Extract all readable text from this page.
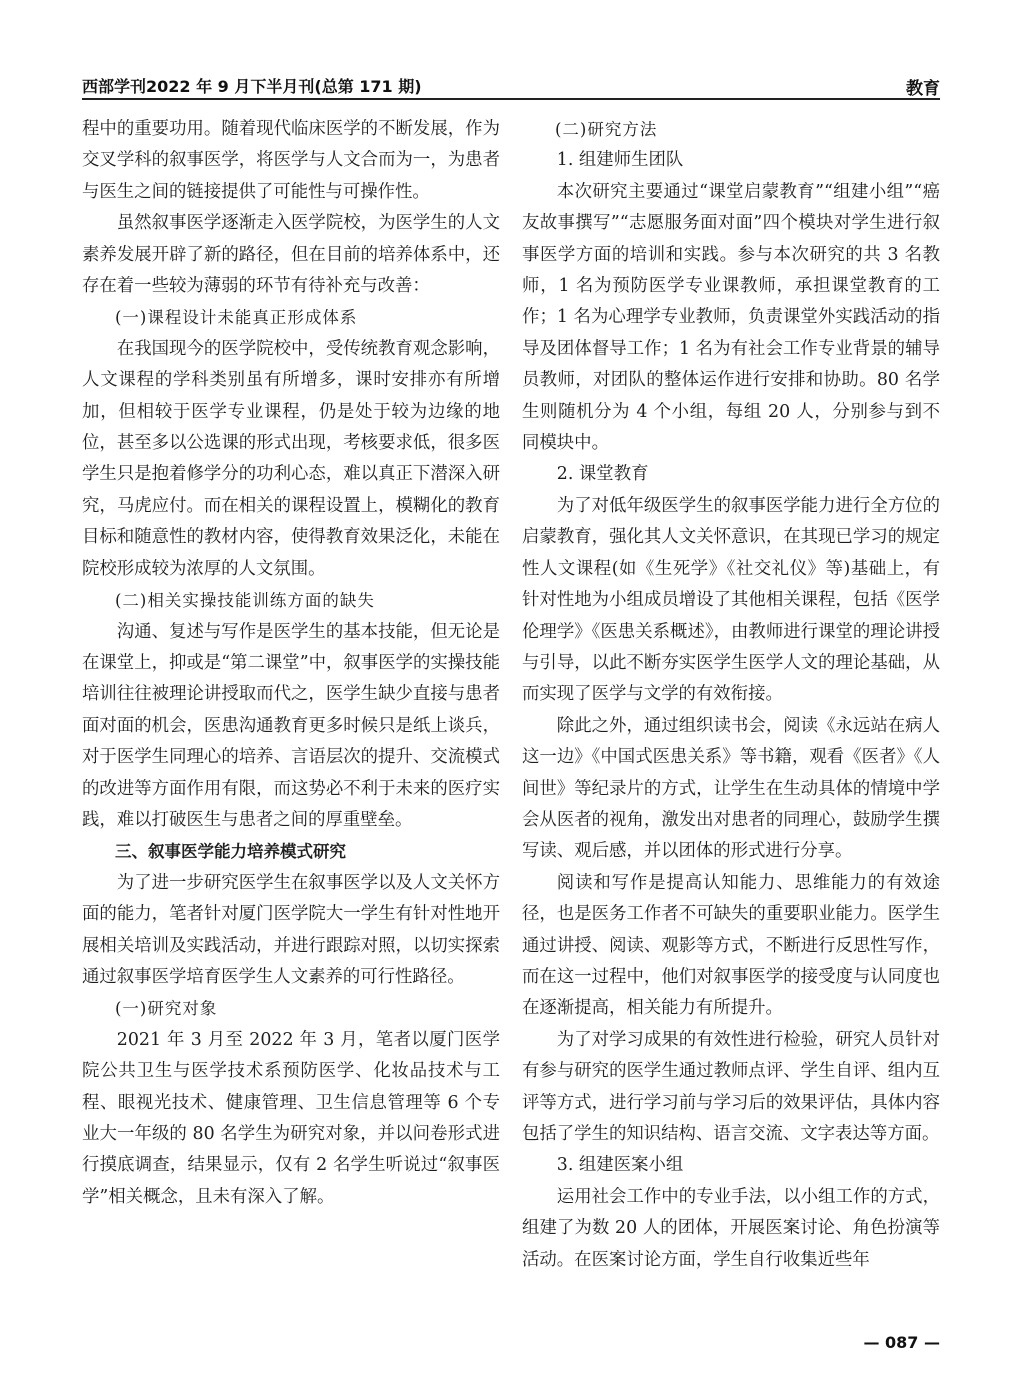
西部学刊2022 年 9 月下半月刊(总第 171 期)	教育

程中的重要功用。随着现代临床医学的不断发展，作为交叉学科的叙事医学，将医学与人文合而为一，为患者与医生之间的链接提供了可能性与可操作性。

虽然叙事医学逐渐走入医学院校，为医学生的人文素养发展开辟了新的路径，但在目前的培养体系中，还存在着一些较为薄弱的环节有待补充与改善：

(一)课程设计未能真正形成体系

在我国现今的医学院校中，受传统教育观念影响，人文课程的学科类别虽有所增多，课时安排亦有所增加，但相较于医学专业课程，仍是处于较为边缘的地位，甚至多以公选课的形式出现，考核要求低，很多医学生只是抱着修学分的功利心态，难以真正下潜深入研究，马虎应付。而在相关的课程设置上，模糊化的教育目标和随意性的教材内容，使得教育效果泛化，未能在院校形成较为浓厚的人文氛围。

(二)相关实操技能训练方面的缺失

沟通、复述与写作是医学生的基本技能，但无论是在课堂上，抑或是“第二课堂”中，叙事医学的实操技能培训往往被理论讲授取而代之，医学生缺少直接与患者面对面的机会，医患沟通教育更多时候只是纸上谈兵，对于医学生同理心的培养、言语层次的提升、交流模式的改进等方面作用有限，而这势必不利于未来的医疗实践，难以打破医生与患者之间的厚重壁垒。

三、叙事医学能力培养模式研究

为了进一步研究医学生在叙事医学以及人文关怀方面的能力，笔者针对厦门医学院大一学生有针对性地开展相关培训及实践活动，并进行跟踪对照，以切实探索通过叙事医学培育医学生人文素养的可行性路径。

(一)研究对象

2021 年 3 月至 2022 年 3 月，笔者以厦门医学院公共卫生与医学技术系预防医学、化妆品技术与工程、眼视光技术、健康管理、卫生信息管理等 6 个专业大一年级的 80 名学生为研究对象，并以问卷形式进行摸底调查，结果显示，仅有 2 名学生听说过“叙事医学”相关概念，且未有深入了解。

(二)研究方法

1. 组建师生团队

本次研究主要通过“课堂启蒙教育”“组建小组”“癌友故事撰写”“志愿服务面对面”四个模块对学生进行叙事医学方面的培训和实践。参与本次研究的共 3 名教师，1 名为预防医学专业课教师，承担课堂教育的工作；1 名为心理学专业教师，负责课堂外实践活动的指导及团体督导工作；1 名为有社会工作专业背景的辅导员教师，对团队的整体运作进行安排和协助。80 名学生则随机分为 4 个小组，每组 20 人，分别参与到不同模块中。

2. 课堂教育

为了对低年级医学生的叙事医学能力进行全方位的启蒙教育，强化其人文关怀意识，在其现已学习的规定性人文课程(如《生死学》《社交礼仪》等)基础上，有针对性地为小组成员增设了其他相关课程，包括《医学伦理学》《医患关系概述》，由教师进行课堂的理论讲授与引导，以此不断夯实医学生医学人文的理论基础，从而实现了医学与文学的有效衔接。

除此之外，通过组织读书会，阅读《永远站在病人这一边》《中国式医患关系》等书籍，观看《医者》《人间世》等纪录片的方式，让学生在生动具体的情境中学会从医者的视角，激发出对患者的同理心，鼓励学生撰写读、观后感，并以团体的形式进行分享。

阅读和写作是提高认知能力、思维能力的有效途径，也是医务工作者不可缺失的重要职业能力。医学生通过讲授、阅读、观影等方式，不断进行反思性写作，而在这一过程中，他们对叙事医学的接受度与认同度也在逐渐提高，相关能力有所提升。

为了对学习成果的有效性进行检验，研究人员针对有参与研究的医学生通过教师点评、学生自评、组内互评等方式，进行学习前与学习后的效果评估，具体内容包括了学生的知识结构、语言交流、文字表达等方面。

3. 组建医案小组

运用社会工作中的专业手法，以小组工作的方式，组建了为数 20 人的团体，开展医案讨论、角色扮演等活动。在医案讨论方面，学生自行收集近些年

— 087 —
